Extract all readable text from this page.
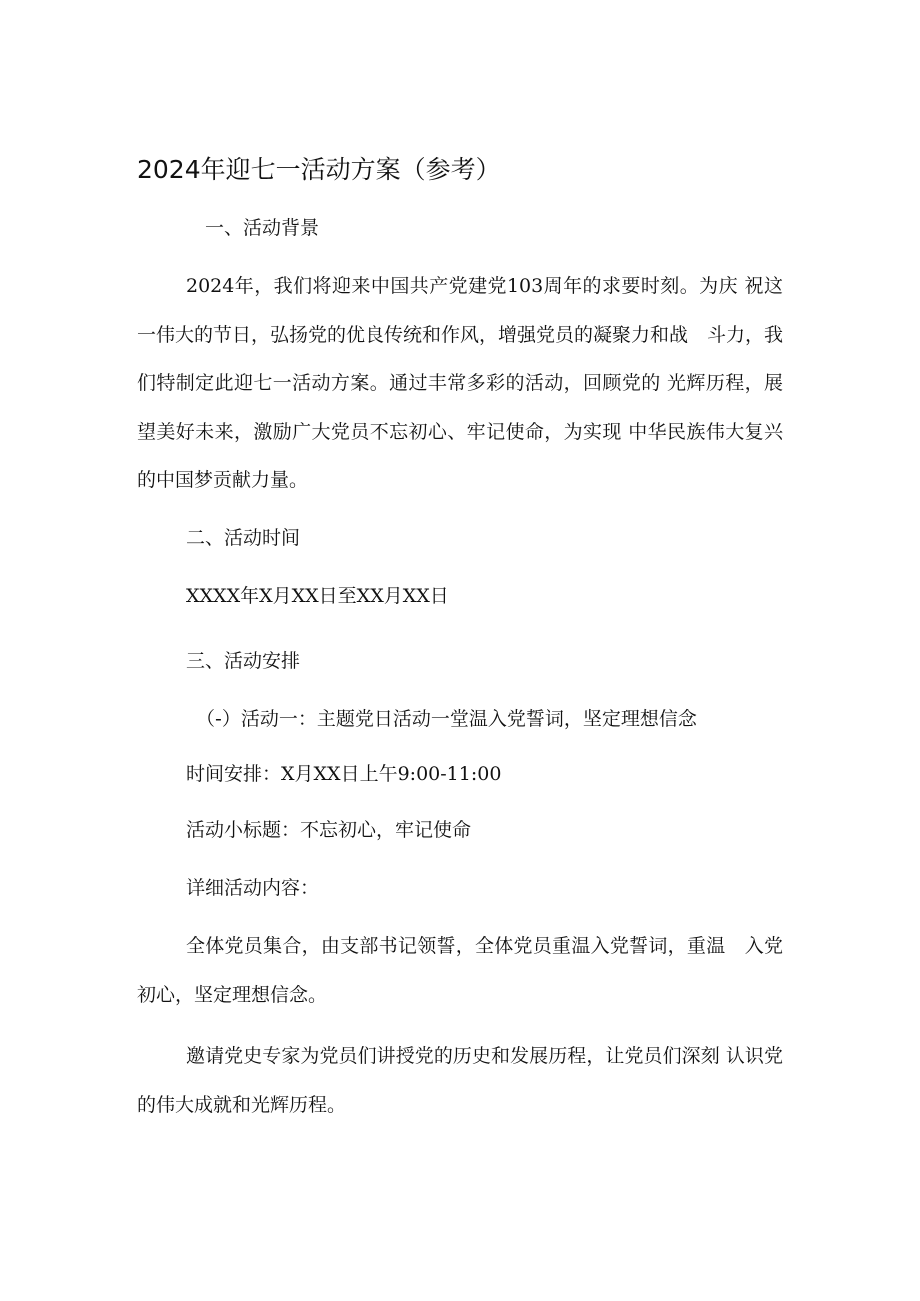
2024年迎七一活动方案（参考）

一、活动背景

2024年，我们将迎来中国共产党建党103周年的求要时刻。为庆 祝这一伟大的节日，弘扬党的优良传统和作风，增强党员的凝聚力和战　斗力，我们特制定此迎七一活动方案。通过丰常多彩的活动，回顾党的 光辉历程，展望美好未来，激励广大党员不忘初心、牢记使命，为实现 中华民族伟大复兴的中国梦贡献力量。

二、活动时间

XXXX年X月XX日至XX月XX日

三、活动安排

（-）活动一：主题党日活动一堂温入党誓词，坚定理想信念

时间安排：X月XX日上午9:00-11:00

活动小标题：不忘初心，牢记使命

详细活动内容：

全体党员集合，由支部书记领誓，全体党员重温入党誓词，重温　入党初心，坚定理想信念。

邀请党史专家为党员们讲授党的历史和发展历程，让党员们深刻 认识党的伟大成就和光辉历程。
